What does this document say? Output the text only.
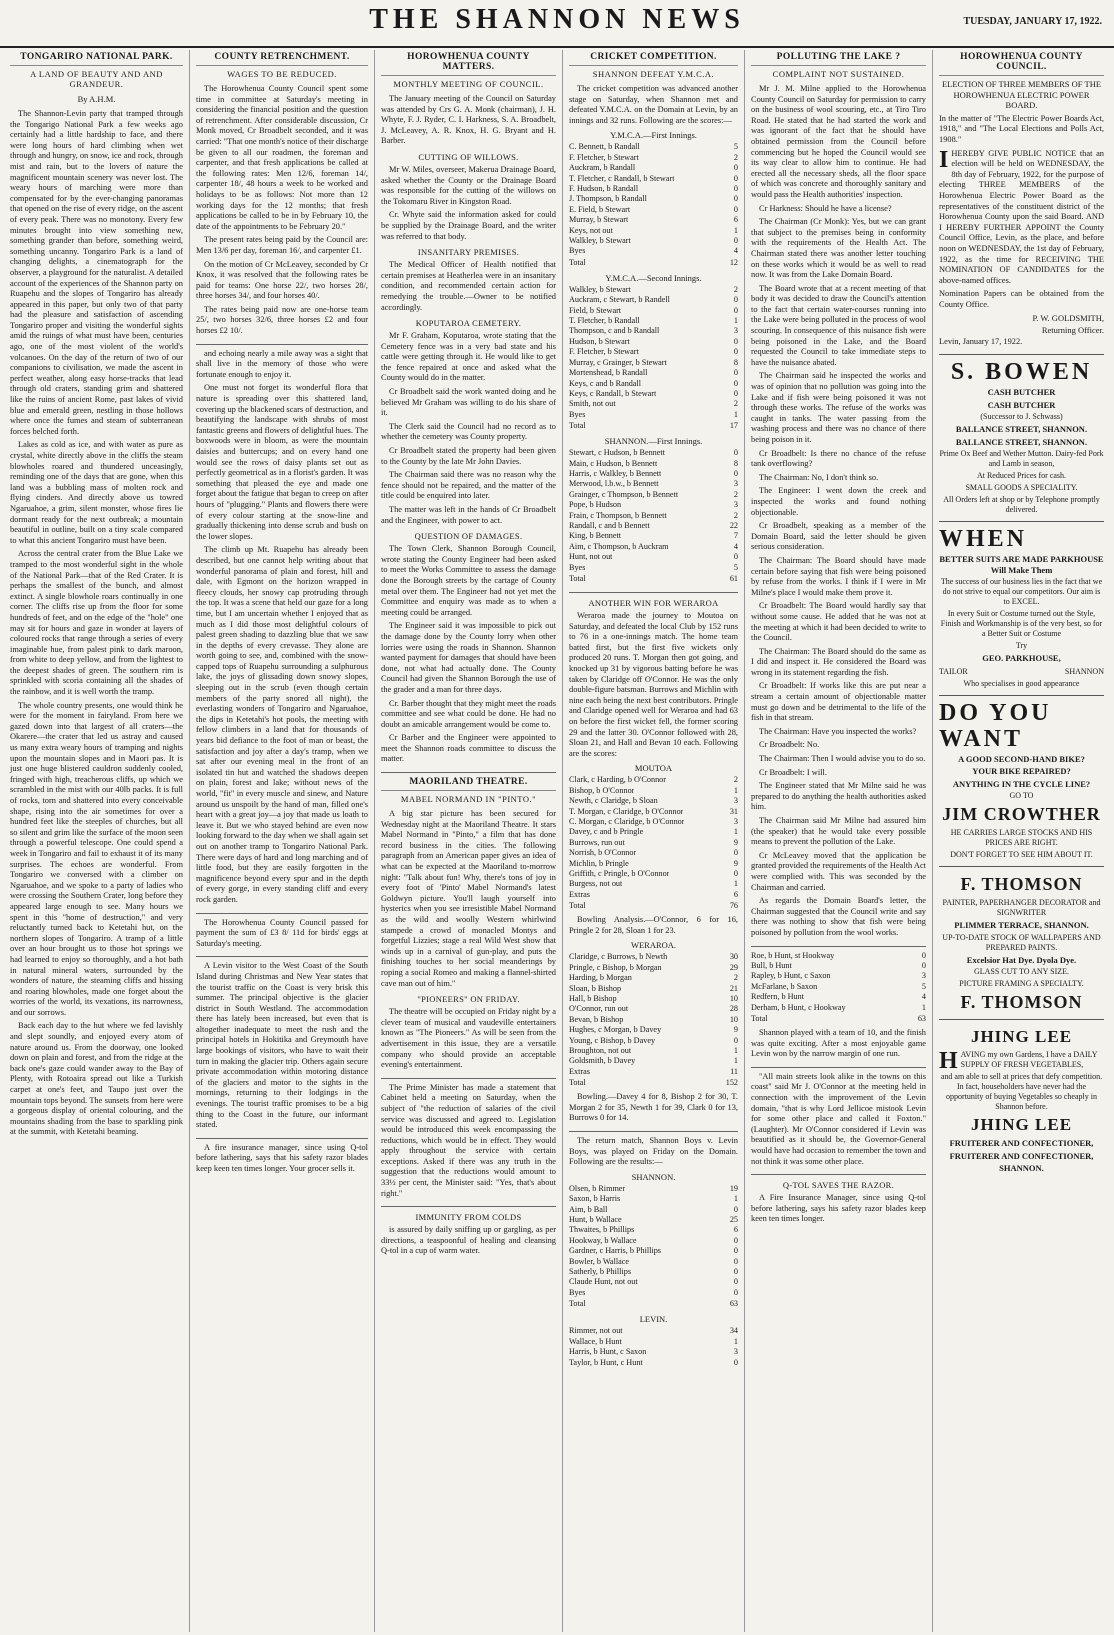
THE SHANNON NEWS	TUESDAY, JANUARY 17, 1922.
TONGARIRO NATIONAL PARK.
A LAND OF BEAUTY AND AND GRANDEUR.
By A.H.M.

The Shannon-Levin party that tramped through the Tongarigo National Park a few weeks ago certainly had a little hardship to face, and there were long hours of hard climbing when wet through and hungry, on snow, ice and rock, through mist and rain, but to the lovers of nature the magnificent mountain scenery was never lost. The weary hours of marching were more than compensated for by the ever-changing panoramas that opened on the rise of every ridge, on the ascent of every peak. There was no monotony. Every few minutes brought into view something new, something grander than before, something weird, something uncanny. Tongariro Park is a land of changing delights, a cinematograph for the observer, a playground for the naturalist. A detailed account of the experiences of the Shannon party on Ruapehu and the slopes of Tongariro has already appeared in this paper, but only two of that party had the pleasure and satisfaction of ascending Tongariro proper and visiting the wonderful sights amid the ruings of what must have been, centuries ago, one of the most violent of the world's volcanoes. On the day of the return of two of our companions to civilisation, we made the ascent in perfect weather, along easy horse-tracks that lead through old craters, standing grim and shattered like the ruins of ancient Rome, past lakes of vivid blue and emerald green, nestling in those hollows where once the fumes and steam of subterranean forces belched forth.

Lakes as cold as ice, and with water as pure as crystal, white directly above in the cliffs the steam blowholes roared and thundered unceasingly, reminding one of the days that are gone, when this land was a bubbling mass of molten rock and flying cinders. And directly above us towred Ngaruahoe, a grim, silent monster, whose fires lie dormant ready for the next outbreak; a mountain beautiful in outline, built on a tiny scale compared to what this ancient Tongariro must have been.

Across the central crater from the Blue Lake we tramped to the most wonderful sight in the whole of the National Park—that of the Red Crater. It is perhaps the smallest of the bunch, and almost extinct. A single blowhole roars continually in one corner. The cliffs rise up from the floor for some hundreds of feet, and on the edge of the "hole" one may sit for hours and gaze in wonder at layers of coloured rocks that range through a series of every imaginable hue, from palest pink to dark maroon, from white to deep yellow, and from the lightest to the deepest shades of green. The southern rim is sprinkled with scoria containing all the shades of the rainbow, and it is well worth the tramp.

The whole country presents, one would think he were for the moment in fairyland. From here we gazed down into that largest of all craters—the Okarere—the crater that led us astray and caused us many extra weary hours of tramping and nights upon the mountain slopes and in Maori pas. It is just one huge blistered cauldron suddenly cooled, fringed with high, treacherous cliffs, up which we scrambled in the mist with our 40lb packs. It is full of rocks, torn and shattered into every conceivable shape, rising into the air sometimes for over a hundred feet like the steeples of churches, but all so silent and grim like the surface of the moon seen through a powerful telescope. One could spend a week in Tongariro and fail to exhaust it of its many surprises. The echoes are wonderful. From Tongariro we conversed with a climber on Ngaruahoe, and we spoke to a party of ladies who were crossing the Southern Crater, long before they appeared large enough to see. Many hours we spent in this "home of destruction," and very reluctantly turned back to Ketetahi hut, on the northern slopes of Tongariro. A tramp of a little over an hour brought us to those hot springs we had learned to enjoy so thoroughly, and a hot bath in natural mineral waters, surrounded by the wonders of nature, the steaming cliffs and hissing and roaring blowholes, made one forget about the worries of the world, its vexations, its narrowness, and our sorrows.

Back each day to the hut where we fed lavishly and slept soundly, and enjoyed every atom of nature around us. From the doorway, one looked down on plain and forest, and from the ridge at the back one's gaze could wander away to the Bay of Plenty, with Rotoaira spread out like a Turkish carpet at one's feet, and Taupo just over the mountain tops beyond. The sunsets from here were a gorgeous display of oriental colouring, and the mountains shading from the base to sparkling pink at the summit, with Ketetahi beaming.

COUNTY RETRENCHMENT.
WAGES TO BE REDUCED.

The Horowhenua County Council spent some time in committee at Saturday's meeting in considering the financial position and the question of retrenchment. After considerable discussion, Cr Monk moved, Cr Broadbelt seconded, and it was carried: "That one month's notice of their discharge be given to all our roadmen, the foreman and carpenter, and that fresh applications be called at the following rates: Men 12/6, foreman 14/, carpenter 18/, 48 hours a week to be worked and holidays to be as follows: Not more than 12 working days for the 12 months; that fresh applications be called to be in by February 10, the date of the appointments to be February 20."

The present rates being paid by the Council are: Men 13/6 per day, foreman 16/, and carpenter £1.

On the motion of Cr McLeavey, seconded by Cr Knox, it was resolved that the following rates be paid for teams: One horse 22/, two horses 28/, three horses 34/, and four horses 40/.

The rates being paid now are one-horse team 25/, two horses 32/6, three horses £2 and four horses £2 10/.

and echoing nearly a mile away was a sight that shall live in the memory of those who were fortunate enough to enjoy it.

One must not forget its wonderful flora that nature is spreading over this shattered land, covering up the blackened scars of destruction, and beautifying the landscape with shrubs of most fantastic greens and flowers of delightful hues. The boxwoods were in bloom, as were the mountain daisies and buttercups; and on every hand one would see the rows of daisy plants set out as perfectly geometrical as in a florist's garden. It was something that pleased the eye and made one forget about the fatigue that began to creep on after hours of "plugging." Plants and flowers there were of every colour starting at the snow-line and gradually thickening into dense scrub and bush on the lower slopes.

The climb up Mt. Ruapehu has already been described, but one cannot help writing about that wonderful panorama of plain and forest, hill and dale, with Egmont on the horizon wrapped in fleecy clouds, her snowy cap protruding through the top. It was a scene that held our gaze for a long time, but I am uncertain whether I enjoyed that as much as I did those most delightful colours of palest green shading to dazzling blue that we saw in the depths of every crevasse. They alone are worth going to see, and, combined with the snow-capped tops of Ruapehu surrounding a sulphurous lake, the joys of glissading down snowy slopes, sleeping out in the scrub (even though certain members of the party snored all night), the everlasting wonders of Tongariro and Ngaruahoe, the dips in Ketetahi's hot pools, the meeting with fellow climbers in a land that for thousands of years bid defiance to the foot of man or beast, the satisfaction and joy after a day's tramp, when we sat after our evening meal in the front of an isolated tin hut and watched the shadows deepen on plain, forest and lake; without news of the world, "fit" in every muscle and sinew, and Nature around us unspoilt by the hand of man, filled one's heart with a great joy—a joy that made us loath to leave it. But we who stayed behind are even now looking forward to the day when we shall again set out on another tramp to Tongariro National Park. There were days of hard and long marching and of little food, but they are easily forgotten in the magnificence beyond every spur and in the depth of every gorge, in every standing cliff and every rock garden.

The Horowhenua County Council passed for payment the sum of £3 8/ 11d for birds' eggs at Saturday's meeting.

A Levin visitor to the West Coast of the South Island during Christmas and New Year states that the tourist traffic on the Coast is very brisk this summer. The principal objective is the glacier district in South Westland. The accommodation there has lately been increased, but even that is altogether inadequate to meet the rush and the principal hotels in Hokitika and Greymouth have large bookings of visitors, who have to wait their turn in making the glacier trip. Others again secure private accommodation within motoring distance of the glaciers and motor to the sights in the mornings, returning to their lodgings in the evenings. The tourist traffic promises to be a big thing to the Coast in the future, our informant stated.

A fire insurance manager, since using Q-tol before lathering, says that his safety razor blades keep keen ten times longer. Your grocer sells it.

HOROWHENUA COUNTY MATTERS.
MONTHLY MEETING OF COUNCIL.

The January meeting of the Council on Saturday was attended by Crs G. A. Monk (chairman), J. H. Whyte, F. J. Ryder, C. I. Harkness, S. A. Broadbelt, J. McLeavey, A. R. Knox, H. G. Bryant and H. Barber.

CUTTING OF WILLOWS.

Mr W. Miles, overseer, Makerua Drainage Board, asked whether the County or the Drainage Board was responsible for the cutting of the willows on the Tokomaru River in Kingston Road.

Cr. Whyte said the information asked for could be supplied by the Drainage Board, and the writer was referred to that body.

INSANITARY PREMISES.

The Medical Officer of Health notified that certain premises at Heatherlea were in an insanitary condition, and recommended certain action for remedying the trouble.—Owner to be notified accordingly.

KOPUTAROA CEMETERY.

Mr F. Graham, Koputaroa, wrote stating that the Cemetery fence was in a very bad state and his cattle were getting through it. He would like to get the fence repaired at once and asked what the County would do in the matter.

Cr Broadbelt said the work wanted doing and he believed Mr Graham was willing to do his share of it.

The Clerk said the Council had no record as to whether the cemetery was County property.

Cr Broadbelt stated the property had been given to the County by the late Mr John Davies.

The Chairman said there was no reason why the fence should not be repaired, and the matter of the title could be enquired into later.

The matter was left in the hands of Cr Broadbelt and the Engineer, with power to act.

QUESTION OF DAMAGES.

The Town Clerk, Shannon Borough Council, wrote stating the County Engineer had been asked to meet the Works Committee to assess the damage done the Borough streets by the cartage of County metal over them. The Engineer had not yet met the Committee and enquiry was made as to when a meeting could be arranged.

The Engineer said it was impossible to pick out the damage done by the County lorry when other lorries were using the roads in Shannon. Shannon wanted payment for damages that should have been done, not what had actually done. The County Council had given the Shannon Borough the use of the grader and a man for three days.

Cr. Barber thought that they might meet the roads committee and see what could be done. He had no doubt an amicable arrangement would be come to.

Cr Barber and the Engineer were appointed to meet the Shannon roads committee to discuss the matter.

MAORILAND THEATRE.
MABEL NORMAND IN "PINTO."

A big star picture has been secured for Wednesday night at the Maoriland Theatre. It stars Mabel Normand in "Pinto," a film that has done record business in the cities. The following paragraph from an American paper gives an idea of what can be expected at the Maoriland to-morrow night: "Talk about fun! Why, there's tons of joy in every foot of 'Pinto' Mabel Normand's latest Goldwyn picture. You'll laugh yourself into hysterics when you see irresistible Mabel Normand as the wild and woolly Western whirlwind stampede a crowd of monacled Montys and forgetful Lizzies; stage a real Wild West show that winds up in a carnival of gun-play, and puts the finishing touches to her social meanderings by roping a social Romeo and making a flannel-shirted cave man out of him."

"PIONEERS" ON FRIDAY.

The theatre will be occupied on Friday night by a clever team of musical and vaudeville entertainers known as "The Pioneers." As will be seen from the advertisement in this issue, they are a versatile company who should provide an acceptable evening's entertainment.

The Prime Minister has made a statement that Cabinet held a meeting on Saturday, when the subject of "the reduction of salaries of the civil service was discussed and agreed to. Legislation would be introduced this week encompassing the reductions, which would be in effect. They would apply throughout the service with certain exceptions. Asked if there was any truth in the suggestion that the reductions would amount to 33½ per cent, the Minister said: "Yes, that's about right."

IMMUNITY FROM COLDS

is assured by daily sniffing up or gargling, as per directions, a teaspoonful of healing and cleansing Q-tol in a cup of warm water.

CRICKET COMPETITION.
SHANNON DEFEAT Y.M.C.A.

The cricket competition was advanced another stage on Saturday, when Shannon met and defeated Y.M.C.A. on the Domain at Levin, by an innings and 32 runs. Following are the scores:—

Y.M.C.A.—First Innings.
C. Bennett, b Randall	5
F. Fletcher, b Stewart	2
Auckram, b Randall	0
T. Fletcher, c Randall, b Stewart	0
F. Hudson, b Randall	0
J. Thompson, b Randall	0
E. Field, b Stewart	0
Murray, b Stewart	6
Keys, not out	1
Walkley, b Stewart	0
Byes	4
Total	12
Y.M.C.A.—Second Innings.
Walkley, b Stewart	2
Auckram, c Stewart, b Randell	0
Field, b Stewart	0
T. Fletcher, b Randall	1
Thompson, c and b Randall	3
Hudson, b Stewart	0
F. Fletcher, b Stewart	0
Murray, c Grainger, b Stewart	8
Mortenshead, b Randall	0
Keys, c and b Randall	0
Keys, c Randall, b Stewart	0
Smith, not out	2
Byes	1
Total	17
SHANNON.—First Innings.
Stewart, c Hudson, b Bennett	0
Main, c Hudson, b Bennett	8
Harris, c Walkley, b Bennett	0
Merwood, l.b.w., b Bennett	3
Grainger, c Thompson, b Bennett	2
Pope, b Hudson	3
Frain, c Thompson, b Bennett	2
Randall, c and b Bennett	22
King, b Bennett	7
Aim, c Thompson, b Auckram	4
Hunt, not out	0
Byes	5
Total	61
ANOTHER WIN FOR WERAROA

Weraroa made the journey to Moutoa on Saturday, and defeated the local Club by 152 runs to 76 in a one-innings match. The home team batted first, but the first five wickets only produced 20 runs. T. Morgan then got going, and knocked up 31 by vigorous batting before he was taken by Claridge off O'Connor. He was the only double-figure batsman. Burrows and Michlin with nine each being the next best contributors. Pringle and Claridge opened well for Weraroa and had 63 on before the first wicket fell, the former scoring 29 and the latter 30. O'Connor followed with 28, Sloan 21, and Hall and Bevan 10 each. Following are the scores:

MOUTOA
Clark, c Harding, b O'Connor	2
Bishop, b O'Connor	1
Newth, c Claridge, b Sloan	3
T. Morgan, c Claridge, b O'Connor	31
C. Morgan, c Claridge, b O'Connor	3
Davey, c and b Pringle	1
Burrows, run out	9
Norrish, b O'Connor	0
Michlin, b Pringle	9
Griffith, c Pringle, b O'Connor	0
Burgess, not out	1
Extras	6
Total	76

Bowling Analysis.—O'Connor, 6 for 16, Pringle 2 for 28, Sloan 1 for 23.

WERAROA.
Claridge, c Burrows, b Newth	30
Pringle, c Bishop, b Morgan	29
Harding, b Morgan	2
Sloan, b Bishop	21
Hall, b Bishop	10
O'Connor, run out	28
Bevan, b Bishop	10
Hughes, c Morgan, b Davey	9
Young, c Bishop, b Davey	0
Broughton, not out	1
Goldsmith, b Davey	1
Extras	11
Total	152

Bowling.—Davey 4 for 8, Bishop 2 for 30, T. Morgan 2 for 35, Newth 1 for 39, Clark 0 for 13, Burrows 0 for 14.

The return match, Shannon Boys v. Levin Boys, was played on Friday on the Domain. Following are the results:—

SHANNON.
Olsen, b Rimmer	19
Saxon, b Harris	1
Aim, b Ball	0
Hunt, b Wallace	25
Thwaites, b Phillips	6
Hookway, b Wallace	0
Gardner, c Harris, b Phillips	0
Bowler, b Wallace	0
Satherly, b Phillips	0
Claude Hunt, not out	0
Byes	0
Total	63
LEVIN.
Rimmer, not out	34
Wallace, b Hunt	1
Harris, b Hunt, c Saxon	3
Taylor, b Hunt, c Hunt	0
POLLUTING THE LAKE ?
COMPLAINT NOT SUSTAINED.

Mr J. M. Milne applied to the Horowhenua County Council on Saturday for permission to carry on the business of wool scouring, etc., at Tiro Tiro Road. He stated that he had started the work and was ignorant of the fact that he should have obtained permission from the Council before commencing but he hoped the Council would see its way clear to allow him to continue. He had erected all the necessary sheds, all the floor space of which was concrete and thoroughly sanitary and would pass the Health authorities' inspection.

Cr Harkness: Should he have a license?

The Chairman (Cr Monk): Yes, but we can grant that subject to the premises being in conformity with the requirements of the Health Act. The Chairman stated there was another letter touching on these works which it would be as well to read now. It was from the Lake Domain Board.

The Board wrote that at a recent meeting of that body it was decided to draw the Council's attention to the fact that certain water-courses running into the Lake were being polluted in the process of wool scouring. In consequence of this nuisance fish were being poisoned in the Lake, and the Board requested the Council to take immediate steps to have the nuisance abated.

The Chairman said he inspected the works and was of opinion that no pollution was going into the Lake and if fish were being poisoned it was not through these works. The refuse of the works was caught in tanks. The water passing from the washing process and there was no chance of there being poison in it.

Cr Broadbelt: Is there no chance of the refuse tank overflowing?

The Chairman: No, I don't think so.

The Engineer: I went down the creek and inspected the works and found nothing objectionable.

Cr Broadbelt, speaking as a member of the Domain Board, said the letter should be given serious consideration.

The Chairman: The Board should have made certain before saying that fish were being poisoned by refuse from the works. I think if I were in Mr Milne's place I would make them prove it.

Cr Broadbelt: The Board would hardly say that without some cause. He added that he was not at the meeting at which it had been decided to write to the Council.

The Chairman: The Board should do the same as I did and inspect it. He considered the Board was wrong in its statement regarding the fish.

Cr Broadbelt: If works like this are put near a stream a certain amount of objectionable matter must go down and be detrimental to the life of the fish in that stream.

The Chairman: Have you inspected the works?

Cr Broadbelt: No.

The Chairman: Then I would advise you to do so.

Cr Broadbelt: I will.

The Engineer stated that Mr Milne said he was prepared to do anything the health authorities asked him.

The Chairman said Mr Milne had assured him (the speaker) that he would take every possible means to prevent the pollution of the Lake.

Cr McLeavey moved that the application be granted provided the requirements of the Health Act were complied with. This was seconded by the Chairman and carried.

As regards the Domain Board's letter, the Chairman suggested that the Council write and say there was nothing to show that fish were being poisoned by pollution from the wool works.

Roe, b Hunt, st Hookway	0
Bull, b Hunt	0
Rapley, b Hunt, c Saxon	3
McFarlane, b Saxon	5
Redfern, b Hunt	4
Derham, b Hunt, c Hookway	1
Total	63

Shannon played with a team of 10, and the finish was quite exciting. After a most enjoyable game Levin won by the narrow margin of one run.

"All main streets look alike in the towns on this coast" said Mr J. O'Connor at the meeting held in connection with the improvement of the Levin domain, "that is why Lord Jellicoe mistook Levin for some other place and called it Foxton." (Laughter). Mr O'Connor considered if Levin was beautified as it should be, the Governor-General would have had occasion to remember the town and not think it was some other place.

Q-TOL SAVES THE RAZOR.

A Fire Insurance Manager, since using Q-tol before lathering, says his safety razor blades keep keen ten times longer.

HOROWHENUA COUNTY COUNCIL.

ELECTION OF THREE MEMBERS OF THE HOROWHENUA ELECTRIC POWER BOARD.

In the matter of "The Electric Power Boards Act, 1918," and "The Local Elections and Polls Act, 1908."

IHEREBY GIVE PUBLIC NOTICE that an election will be held on WEDNESDAY, the 8th day of February, 1922, for the purpose of electing THREE MEMBERS of the Horowhenua Electric Power Board as the representatives of the constituent district of the Horowhenua County upon the said Board. AND I HEREBY FURTHER APPOINT the County Council Office, Levin, as the place, and before noon on WEDNESDAY, the 1st day of February, 1922, as the time for RECEIVING THE NOMINATION OF CANDIDATES for the above-named offices.

Nomination Papers can be obtained from the County Office.

P. W. GOLDSMITH,
Returning Officer.

Levin, January 17, 1922.

S. BOWEN
CASH BUTCHER
CASH BUTCHER
(Successor to J. Schwass)
BALLANCE STREET, SHANNON.
BALLANCE STREET, SHANNON.
Prime Ox Beef and Wether Mutton. Dairy-fed Pork and Lamb in season,
At Reduced Prices for cash.
SMALL GOODS A SPECIALITY.
All Orders left at shop or by Telephone promptly delivered.
WHEN
BETTER SUITS ARE MADE PARKHOUSE Will Make Them
The success of our business lies in the fact that we do not strive to equal our competitors. Our aim is to EXCEL.
In every Suit or Costume turned out the Style, Finish and Workmanship is of the very best, so for a Better Suit or Costume
Try
GEO. PARKHOUSE,
TAILOR	SHANNON
Who specialises in good appearance
DO YOU
WANT
A GOOD SECOND-HAND BIKE?
YOUR BIKE REPAIRED?
ANYTHING IN THE CYCLE LINE?
GO TO
JIM CROWTHER
HE CARRIES LARGE STOCKS AND HIS PRICES ARE RIGHT.
DON'T FORGET TO SEE HIM ABOUT IT.
F. THOMSON
PAINTER, PAPERHANGER DECORATOR and SIGNWRITER
PLIMMER TERRACE, SHANNON.
UP-TO-DATE STOCK OF WALLPAPERS AND PREPARED PAINTS.
Excelsior Hat Dye. Dyola Dye.
GLASS CUT TO ANY SIZE.
PICTURE FRAMING A SPECIALTY.
F. THOMSON
JHING LEE
HAVING my own Gardens, I have a DAILY SUPPLY OF FRESH VEGETABLES,
and am able to sell at prices that defy competition. In fact, householders have never had the opportunity of buying Vegetables so cheaply in Shannon before.
JHING LEE
FRUITERER AND CONFECTIONER,
FRUITERER AND CONFECTIONER,
SHANNON.
